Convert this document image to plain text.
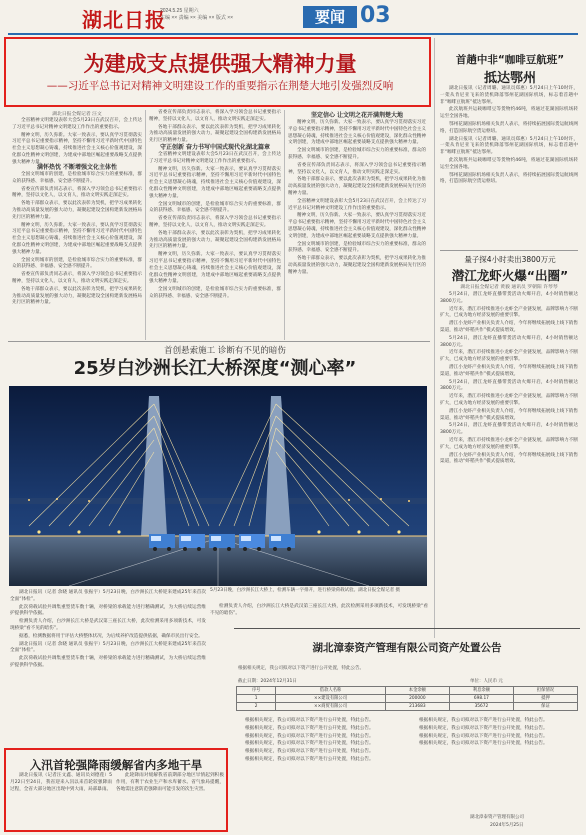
湖北日报
2024.5.25 星期六
主编 ×× 责编 ×× 美编 ×× 版式 ××	要闻 03
为建成支点提供强大精神力量
——习近平总书记对精神文明建设工作的重要指示在荆楚大地引发强烈反响
湖北日报全媒记者 汪文

全省精神文明建设表彰大会5月23日在武汉召开，会上传达了习近平总书记对精神文明建设工作作出的重要指示。

精神文明，历久弥新。大家一致表示，要认真学习贯彻落实习近平总书记重要指示精神，坚持不懈用习近平新时代中国特色社会主义思想凝心铸魂，持续推进社会主义核心价值观建设，深化群众性精神文明创建，为建成中部地区崛起重要战略支点提供强大精神力量。

满怀热忱 不断增强文化主体性

全国文明城市的创建，是检验城市综合实力的重要标准，群众的获得感、幸福感、安全感不断提升。

省委宣传部负责同志表示，将深入学习领会总书记重要指示精神，坚持以文化人，以文育人，推动文明实践走深走实。

各地干部群众表示，要以此次表彰为契机，把学习成果转化为推动高质量发展的强大动力，凝聚起建设全国构建新发展格局先行区的精神力量。

精神文明，历久弥新。大家一致表示，要认真学习贯彻落实习近平总书记重要指示精神，坚持不懈用习近平新时代中国特色社会主义思想凝心铸魂，持续推进社会主义核心价值观建设，深化群众性精神文明创建，为建成中部地区崛起重要战略支点提供强大精神力量。

全国文明城市的创建，是检验城市综合实力的重要标准，群众的获得感、幸福感、安全感不断提升。

省委宣传部负责同志表示，将深入学习领会总书记重要指示精神，坚持以文化人，以文育人，推动文明实践走深走实。

各地干部群众表示，要以此次表彰为契机，把学习成果转化为推动高质量发展的强大动力，凝聚起建设全国构建新发展格局先行区的精神力量。

省委宣传部负责同志表示，将深入学习领会总书记重要指示精神，坚持以文化人，以文育人，推动文明实践走深走实。

各地干部群众表示，要以此次表彰为契机，把学习成果转化为推动高质量发展的强大动力，凝聚起建设全国构建新发展格局先行区的精神力量。

守正创新 奋力书写中国式现代化湖北篇章

全省精神文明建设表彰大会5月23日在武汉召开，会上传达了习近平总书记对精神文明建设工作作出的重要指示。

精神文明，历久弥新。大家一致表示，要认真学习贯彻落实习近平总书记重要指示精神，坚持不懈用习近平新时代中国特色社会主义思想凝心铸魂，持续推进社会主义核心价值观建设，深化群众性精神文明创建，为建成中部地区崛起重要战略支点提供强大精神力量。

全国文明城市的创建，是检验城市综合实力的重要标准，群众的获得感、幸福感、安全感不断提升。

省委宣传部负责同志表示，将深入学习领会总书记重要指示精神，坚持以文化人，以文育人，推动文明实践走深走实。

各地干部群众表示，要以此次表彰为契机，把学习成果转化为推动高质量发展的强大动力，凝聚起建设全国构建新发展格局先行区的精神力量。

精神文明，历久弥新。大家一致表示，要认真学习贯彻落实习近平总书记重要指示精神，坚持不懈用习近平新时代中国特色社会主义思想凝心铸魂，持续推进社会主义核心价值观建设，深化群众性精神文明创建，为建成中部地区崛起重要战略支点提供强大精神力量。

全国文明城市的创建，是检验城市综合实力的重要标准，群众的获得感、幸福感、安全感不断提升。

坚定信心 让文明之花开满荆楚大地

精神文明，历久弥新。大家一致表示，要认真学习贯彻落实习近平总书记重要指示精神，坚持不懈用习近平新时代中国特色社会主义思想凝心铸魂，持续推进社会主义核心价值观建设，深化群众性精神文明创建，为建成中部地区崛起重要战略支点提供强大精神力量。

全国文明城市的创建，是检验城市综合实力的重要标准，群众的获得感、幸福感、安全感不断提升。

省委宣传部负责同志表示，将深入学习领会总书记重要指示精神，坚持以文化人，以文育人，推动文明实践走深走实。

各地干部群众表示，要以此次表彰为契机，把学习成果转化为推动高质量发展的强大动力，凝聚起建设全国构建新发展格局先行区的精神力量。

全省精神文明建设表彰大会5月23日在武汉召开，会上传达了习近平总书记对精神文明建设工作作出的重要指示。

精神文明，历久弥新。大家一致表示，要认真学习贯彻落实习近平总书记重要指示精神，坚持不懈用习近平新时代中国特色社会主义思想凝心铸魂，持续推进社会主义核心价值观建设，深化群众性精神文明创建，为建成中部地区崛起重要战略支点提供强大精神力量。

全国文明城市的创建，是检验城市综合实力的重要标准，群众的获得感、幸福感、安全感不断提升。

各地干部群众表示，要以此次表彰为契机，把学习成果转化为推动高质量发展的强大动力，凝聚起建设全国构建新发展格局先行区的精神力量。

首趟中非“咖啡豆航班”
抵达鄂州

湖北日报讯（记者周璐、通讯员郑惠）5月24日上午10时许，一架从肯尼亚飞来的货机降落鄂州花湖国际机场，标志着首趟中非“咖啡豆航班”抵达鄂州。

此次航班共运载咖啡豆等货物约46吨，将通过花湖国际机场转运至全国各地。

鄂州花湖国际机场相关负责人表示，将持续拓展国际货运航线网络，打造国际航空货运枢纽。

湖北日报讯（记者周璐、通讯员郑惠）5月24日上午10时许，一架从肯尼亚飞来的货机降落鄂州花湖国际机场，标志着首趟中非“咖啡豆航班”抵达鄂州。

此次航班共运载咖啡豆等货物约46吨，将通过花湖国际机场转运至全国各地。

鄂州花湖国际机场相关负责人表示，将持续拓展国际货运航线网络，打造国际航空货运枢纽。

量子探4小时卖出3800万元
潜江龙虾火爆“出圈”
湖北日报全媒记者 黄毅 通讯员 罗朝阳 许琴琴

5月24日，潜江龙虾直播带货活动火爆开启，4小时销售额达3800万元。

近年来，潜江市持续推进小龙虾全产业链发展，品牌影响力不断扩大，已成为地方经济发展的重要引擎。

潜江小龙虾产业相关负责人介绍，今年将继续拓展线上线下销售渠道，推动“虾稻共作”模式提质增效。

5月24日，潜江龙虾直播带货活动火爆开启，4小时销售额达3800万元。

近年来，潜江市持续推进小龙虾全产业链发展，品牌影响力不断扩大，已成为地方经济发展的重要引擎。

潜江小龙虾产业相关负责人介绍，今年将继续拓展线上线下销售渠道，推动“虾稻共作”模式提质增效。

5月24日，潜江龙虾直播带货活动火爆开启，4小时销售额达3800万元。

近年来，潜江市持续推进小龙虾全产业链发展，品牌影响力不断扩大，已成为地方经济发展的重要引擎。

潜江小龙虾产业相关负责人介绍，今年将继续拓展线上线下销售渠道，推动“虾稻共作”模式提质增效。

5月24日，潜江龙虾直播带货活动火爆开启，4小时销售额达3800万元。

近年来，潜江市持续推进小龙虾全产业链发展，品牌影响力不断扩大，已成为地方经济发展的重要引擎。

潜江小龙虾产业相关负责人介绍，今年将继续拓展线上线下销售渠道，推动“虾稻共作”模式提质增效。

首创悬索施工 诊断有不见的暗伤
25岁白沙洲长江大桥深度“测心率”
5月23日晚，白沙洲长江大桥上，检测车辆一字排开，进行桥梁荷载试验。湖北日报全媒记者 摄

湖北日报讯（记者 余晓 通讯员 张振宇）5月23日晚，白沙洲长江大桥迎来建成25年来首次全面“体检”。

此次荷载试验共调集重型货车数十辆，对桥梁的承载能力进行精确测试，为大桥后续运营维护提供科学依据。

检测负责人介绍，白沙洲长江大桥是武汉第三座长江大桥，此次检测采用多项新技术，可发现桥梁“看不见的暗伤”。

据悉，检测数据将用于评估大桥整体状况，为后续养护改造提供依据，确保市民出行安全。

湖北日报讯（记者 余晓 通讯员 张振宇）5月23日晚，白沙洲长江大桥迎来建成25年来首次全面“体检”。

此次荷载试验共调集重型货车数十辆，对桥梁的承载能力进行精确测试，为大桥后续运营维护提供科学依据。

检测负责人介绍，白沙洲长江大桥是武汉第三座长江大桥，此次检测采用多项新技术，可发现桥梁“看不见的暗伤”。

入汛首轮强降雨缓解省内多地干旱

湖北日报讯（记者汪文鑫、通讯员刘德莲）5月22日至24日，我省迎来入汛以来首轮较强降雨过程，全省大部分地区出现中到大雨，局部暴雨。

此轮降雨对缓解我省前期部分地区旱情起到积极作用，有利于农业生产和水库蓄水。省气象局提醒，各地需注意防范强降雨可能引发的次生灾害。

湖北漳泰资产管理有限公司资产处置公告
根据相关规定，我公司拟对以下资产进行公开处置，特此公告。
截止日期：2024年12月31日	单位：人民币 元
序号	借款人名称	本金余额	利息余额	担保情况
1	××建设有限公司	200000	698.17	抵押
2	××商贸有限公司	213683	35672	保证

根据相关规定，我公司拟对以下资产进行公开处置，特此公告。

根据相关规定，我公司拟对以下资产进行公开处置，特此公告。

根据相关规定，我公司拟对以下资产进行公开处置，特此公告。

根据相关规定，我公司拟对以下资产进行公开处置，特此公告。

根据相关规定，我公司拟对以下资产进行公开处置，特此公告。

根据相关规定，我公司拟对以下资产进行公开处置，特此公告。

根据相关规定，我公司拟对以下资产进行公开处置，特此公告。

根据相关规定，我公司拟对以下资产进行公开处置，特此公告。

根据相关规定，我公司拟对以下资产进行公开处置，特此公告。

根据相关规定，我公司拟对以下资产进行公开处置，特此公告。

湖北漳泰资产管理有限公司
2024年5月25日
